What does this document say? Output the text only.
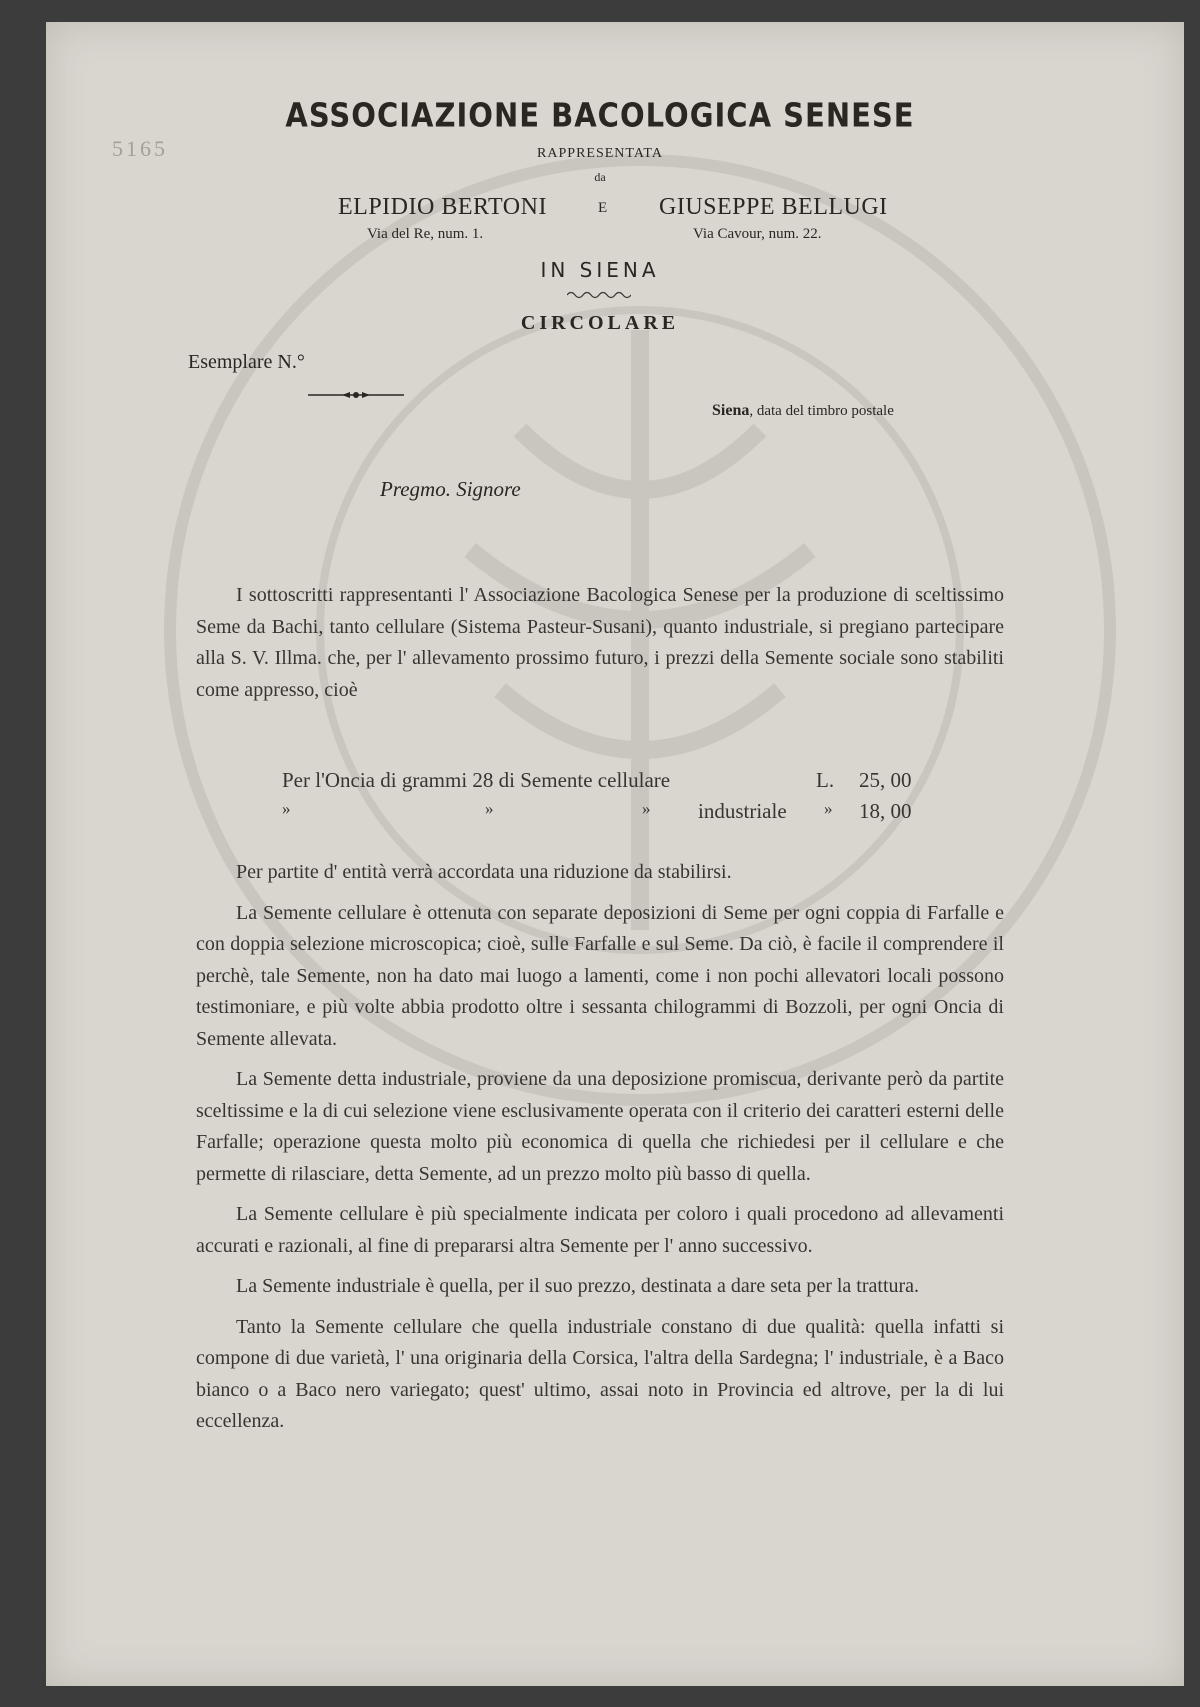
5165
ASSOCIAZIONE BACOLOGICA SENESE
RAPPRESENTATA
da
ELPIDIO BERTONI	E GIUSEPPE BELLUGI
Via del Re, num. 1.	Via Cavour, num. 22.
IN SIENA
CIRCOLARE
Esemplare N.°
Siena, data del timbro postale
Pregmo. Signore

I sottoscritti rappresentanti l' Associazione Bacologica Senese per la produzione di sceltissimo Seme da Bachi, tanto cellulare (Sistema Pasteur-Susani), quanto industriale, si pregiano partecipare alla S. V. Illma. che, per l' allevamento prossimo futuro, i prezzi della Semente sociale sono stabiliti come appresso, cioè

Per l'Oncia di grammi 28 di Semente cellulare	L. 25, 00
»	»	» industriale » 18, 00

Per partite d' entità verrà accordata una riduzione da stabilirsi.

La Semente cellulare è ottenuta con separate deposizioni di Seme per ogni coppia di Farfalle e con doppia selezione microscopica; cioè, sulle Farfalle e sul Seme. Da ciò, è facile il comprendere il perchè, tale Semente, non ha dato mai luogo a lamenti, come i non pochi allevatori locali possono testimoniare, e più volte abbia prodotto oltre i sessanta chilogrammi di Bozzoli, per ogni Oncia di Semente allevata.

La Semente detta industriale, proviene da una deposizione promiscua, derivante però da partite sceltissime e la di cui selezione viene esclusivamente operata con il criterio dei caratteri esterni delle Farfalle; operazione questa molto più economica di quella che richiedesi per il cellulare e che permette di rilasciare, detta Semente, ad un prezzo molto più basso di quella.

La Semente cellulare è più specialmente indicata per coloro i quali procedono ad allevamenti accurati e razionali, al fine di prepararsi altra Semente per l' anno successivo.

La Semente industriale è quella, per il suo prezzo, destinata a dare seta per la trattura.

Tanto la Semente cellulare che quella industriale constano di due qualità: quella infatti si compone di due varietà, l' una originaria della Corsica, l'altra della Sardegna; l' industriale, è a Baco bianco o a Baco nero variegato; quest' ultimo, assai noto in Provincia ed altrove, per la di lui eccellenza.
